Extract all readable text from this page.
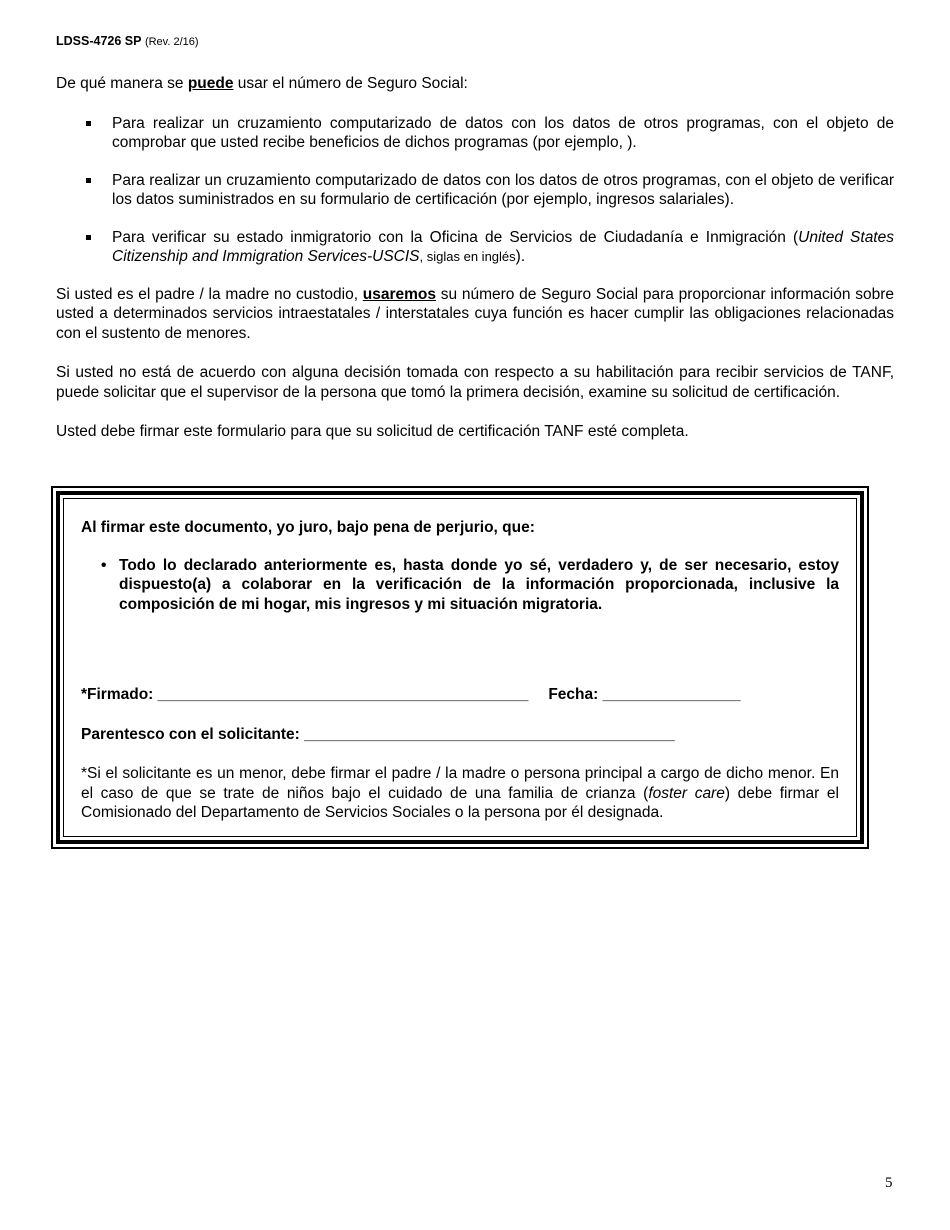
LDSS-4726 SP (Rev. 2/16)

De qué manera se puede usar el número de Seguro Social:

Para realizar un cruzamiento computarizado de datos con los datos de otros programas, con el objeto de comprobar que usted recibe beneficios de dichos programas (por ejemplo, ).
Para realizar un cruzamiento computarizado de datos con los datos de otros programas, con el objeto de verificar los datos suministrados en su formulario de certificación (por ejemplo, ingresos salariales).
Para verificar su estado inmigratorio con la Oficina de Servicios de Ciudadanía e Inmigración (United States Citizenship and Immigration Services-USCIS, siglas en inglés).

Si usted es el padre / la madre no custodio, usaremos su número de Seguro Social para proporcionar información sobre usted a determinados servicios intraestatales / interstatales cuya función es hacer cumplir las obligaciones relacionadas con el sustento de menores.

Si usted no está de acuerdo con alguna decisión tomada con respecto a su habilitación para recibir servicios de TANF, puede solicitar que el supervisor de la persona que tomó la primera decisión, examine su solicitud de certificación.

Usted debe firmar este formulario para que su solicitud de certificación TANF esté completa.

Al firmar este documento, yo juro, bajo pena de perjurio, que:
• Todo lo declarado anteriormente es, hasta donde yo sé, verdadero y, de ser necesario, estoy dispuesto(a) a colaborar en la verificación de la información proporcionada, inclusive la composición de mi hogar, mis ingresos y mi situación migratoria.
*Firmado: ___________________________________________ Fecha: ________________
Parentesco con el solicitante: ___________________________________________
*Si el solicitante es un menor, debe firmar el padre / la madre o persona principal a cargo de dicho menor. En el caso de que se trate de niños bajo el cuidado de una familia de crianza (foster care) debe firmar el Comisionado del Departamento de Servicios Sociales o la persona por él designada.
5
